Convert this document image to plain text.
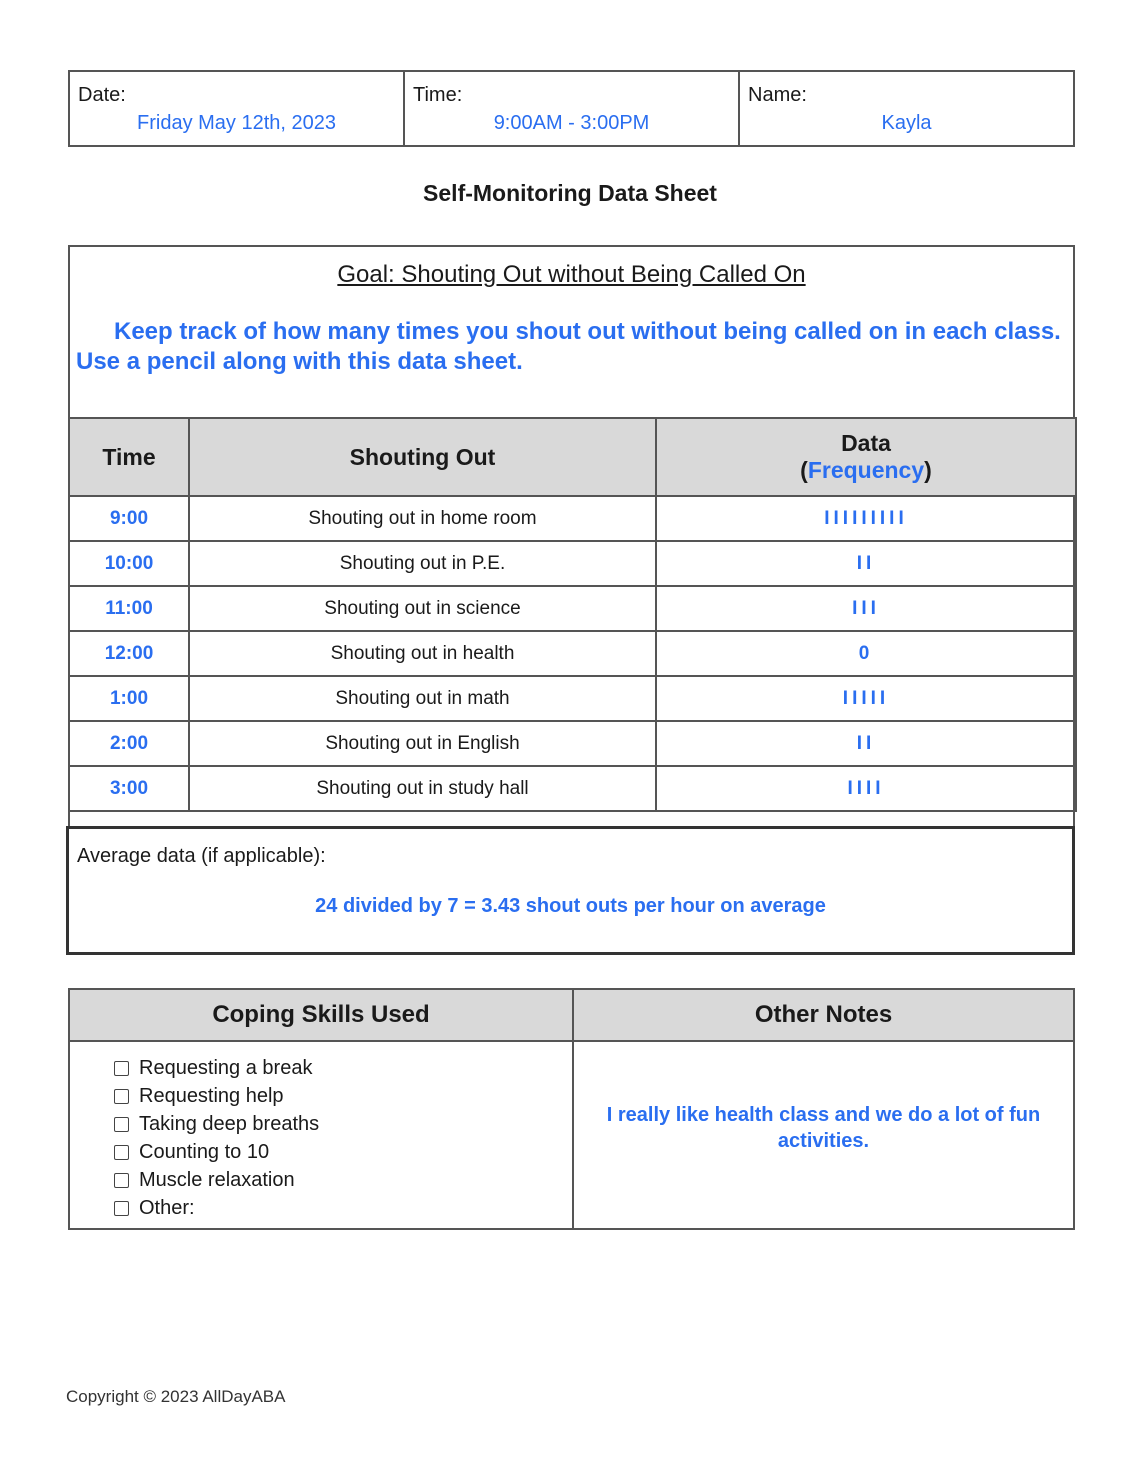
Date:
Friday May 12th, 2023
Time:
9:00AM - 3:00PM
Name:
Kayla
Self-Monitoring Data Sheet
Goal: Shouting Out without Being Called On
Keep track of how many times you shout out without being called on in each class. Use a pencil along with this data sheet.
Time	Shouting Out	Data
(Frequency)

9:00	Shouting out in home room	IIIIIIIII
10:00	Shouting out in P.E.	II
11:00	Shouting out in science	III
12:00	Shouting out in health	0
1:00	Shouting out in math	IIIII
2:00	Shouting out in English	II
3:00	Shouting out in study hall	IIII
Average data (if applicable):
24 divided by 7 = 3.43 shout outs per hour on average
Coping Skills Used
Requesting a break
Requesting help
Taking deep breaths
Counting to 10
Muscle relaxation
Other:
Other Notes
I really like health class and we do a lot of fun activities.
Copyright © 2023 AllDayABA
